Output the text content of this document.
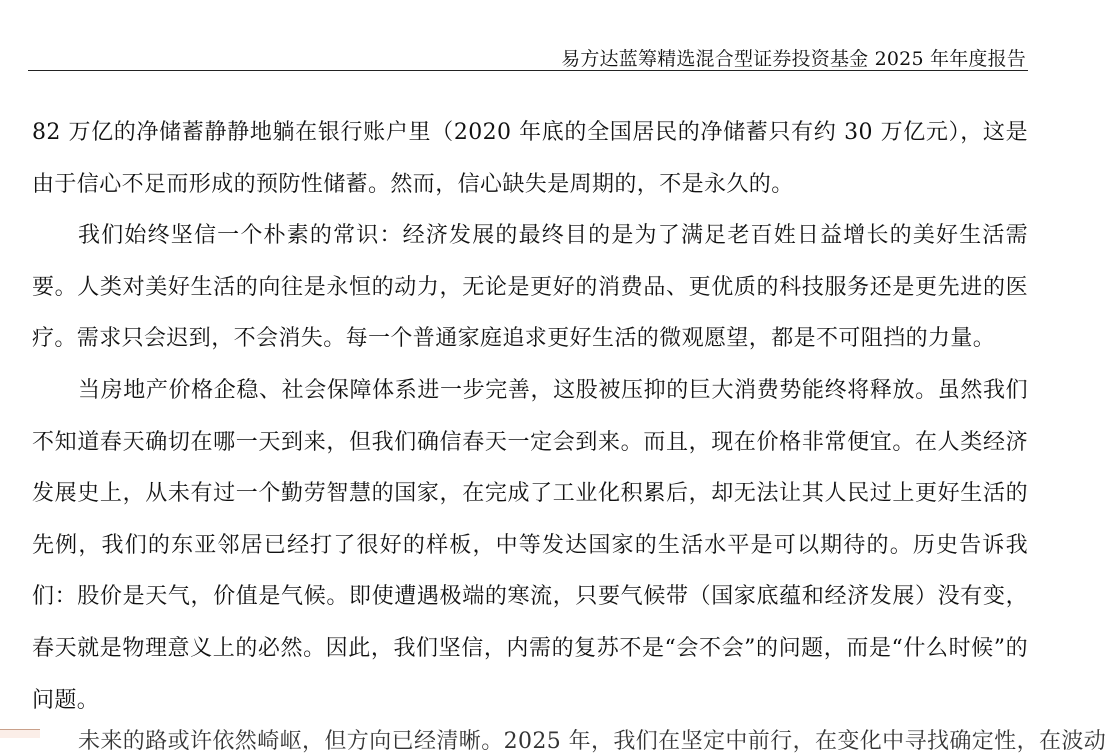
易方达蓝筹精选混合型证券投资基金 2025 年年度报告

82 万亿的净储蓄静静地躺在银行账户里（2020 年底的全国居民的净储蓄只有约 30 万亿元），这是由于信心不足而形成的预防性储蓄。然而，信心缺失是周期的，不是永久的。

我们始终坚信一个朴素的常识：经济发展的最终目的是为了满足老百姓日益增长的美好生活需要。人类对美好生活的向往是永恒的动力，无论是更好的消费品、更优质的科技服务还是更先进的医疗。需求只会迟到，不会消失。每一个普通家庭追求更好生活的微观愿望，都是不可阻挡的力量。

当房地产价格企稳、社会保障体系进一步完善，这股被压抑的巨大消费势能终将释放。虽然我们不知道春天确切在哪一天到来，但我们确信春天一定会到来。而且，现在价格非常便宜。在人类经济发展史上，从未有过一个勤劳智慧的国家，在完成了工业化积累后，却无法让其人民过上更好生活的先例，我们的东亚邻居已经打了很好的样板，中等发达国家的生活水平是可以期待的。历史告诉我们：股价是天气，价值是气候。即使遭遇极端的寒流，只要气候带（国家底蕴和经济发展）没有变，春天就是物理意义上的必然。因此，我们坚信，内需的复苏不是“会不会”的问题，而是“什么时候”的问题。

未来的路或许依然崎岖，但方向已经清晰。2025 年，我们在坚定中前行，在变化中寻找确定性，在波动
